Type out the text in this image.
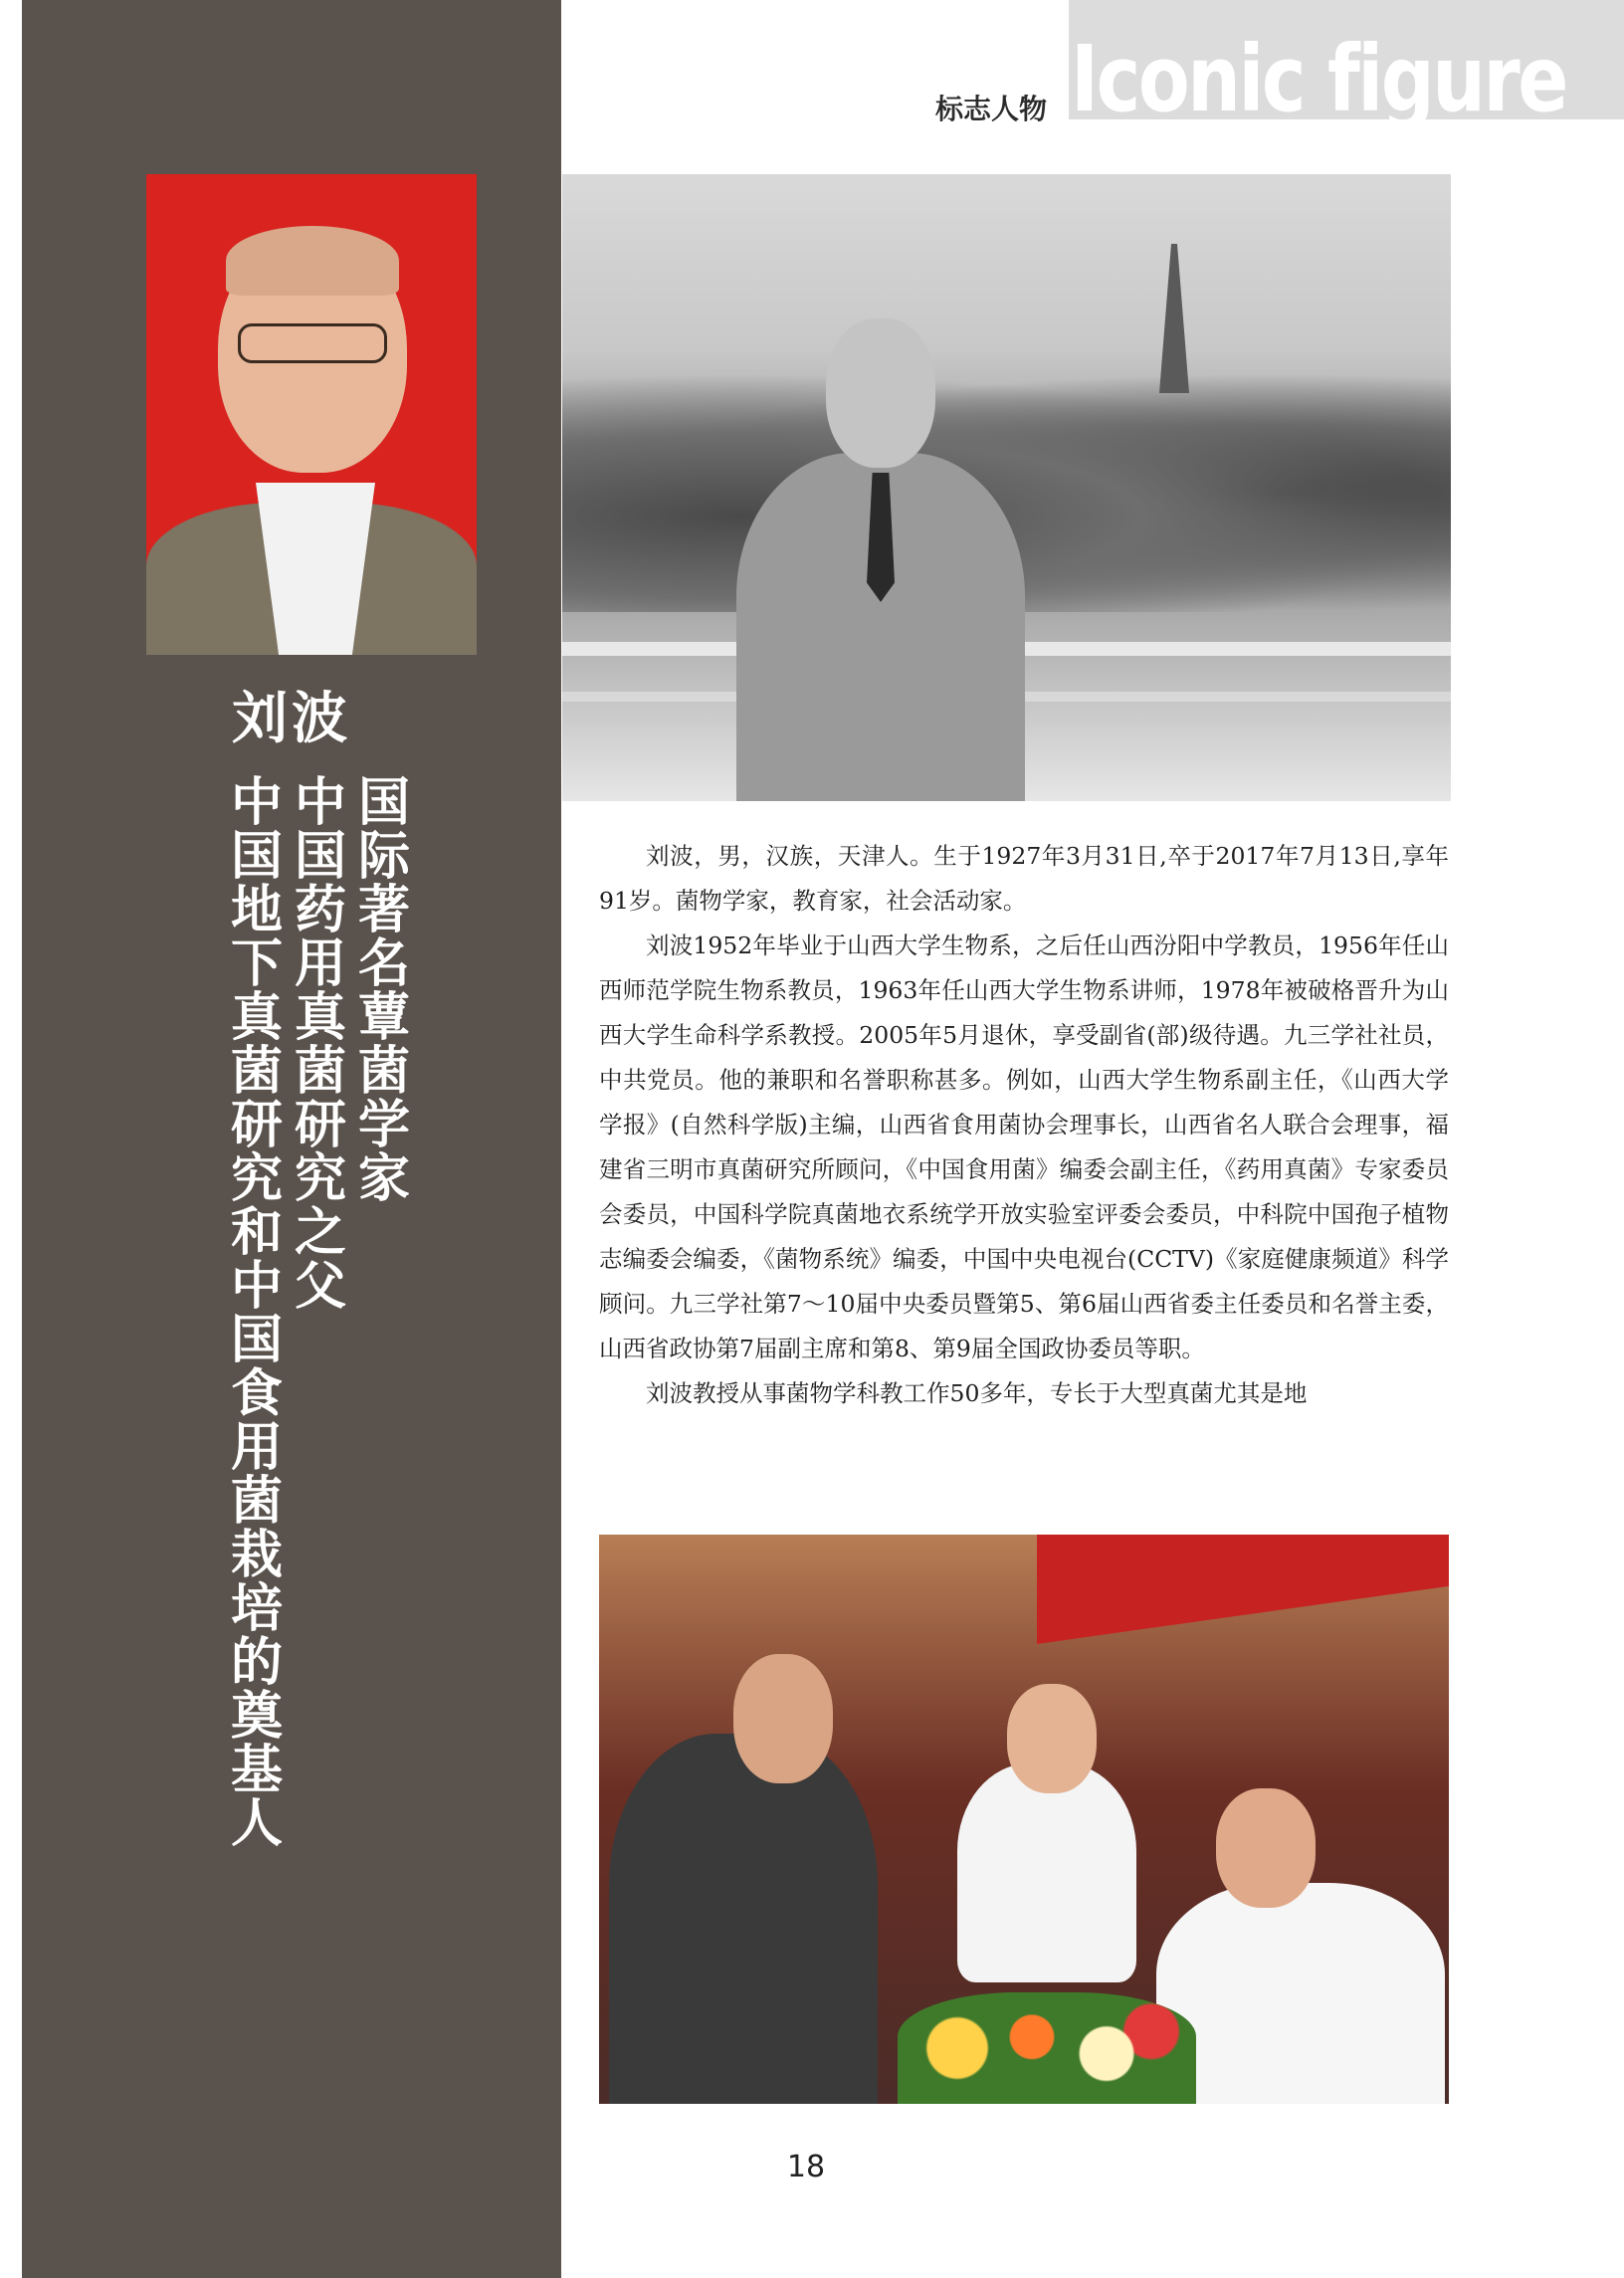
Iconic figure
标志人物
刘波
国际著名蕈菌学家
中国药用真菌研究之父
中国地下真菌研究和中国食用菌栽培的奠基人	刘波，男，汉族，天津人。生于1927年3月31日,卒于2017年7月13日,享年91岁。菌物学家，教育家，社会活动家。

刘波1952年毕业于山西大学生物系，之后任山西汾阳中学教员，1956年任山西师范学院生物系教员，1963年任山西大学生物系讲师，1978年被破格晋升为山西大学生命科学系教授。2005年5月退休，享受副省(部)级待遇。九三学社社员，中共党员。他的兼职和名誉职称甚多。例如，山西大学生物系副主任，《山西大学学报》(自然科学版)主编，山西省食用菌协会理事长，山西省名人联合会理事，福建省三明市真菌研究所顾问，《中国食用菌》编委会副主任，《药用真菌》专家委员会委员，中国科学院真菌地衣系统学开放实验室评委会委员，中科院中国孢子植物志编委会编委，《菌物系统》编委，中国中央电视台(CCTV)《家庭健康频道》科学顾问。九三学社第7～10届中央委员暨第5、第6届山西省委主任委员和名誉主委，山西省政协第7届副主席和第8、第9届全国政协委员等职。

刘波教授从事菌物学科教工作50多年，专长于大型真菌尤其是地

18
